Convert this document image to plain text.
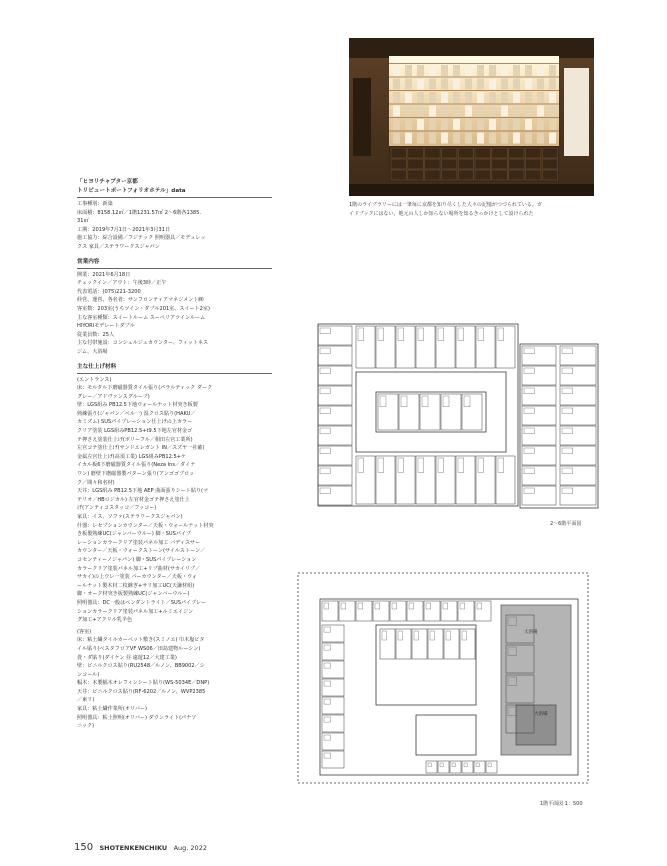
「ヒヨリチャプター京都
トリビュートポートフォリオホテル」data
工事種別：新築
床面積：8158.12㎡／1階1231.57㎡ 2〜6階各1385.
31㎡
工期：2019年7月1日〜2021年3月31日
施工協力：綜合設備／フジテック 照明器具／モデュレッ
クス 家具／ステラワークスジャパン
営業内容
開業：2021年6月18日
チェックイン／アウト：午後3時／正午
代表電話：(075)221-3200
経営、運営、各名者：サンフロンティアマネジメント㈱
客室数：203室(うちツイン・ダブル201室、スイート2室)
主な客室種類：スイートルーム スーペリアツインルーム
HIYORIモデレートダブル
従業員数：25人
主な付帯施設：コンシェルジュカウンター、フィットネス
ジム、大浴場
主な仕上げ材料
(エントランス)
床：モルタル下磨磁器質タイル張り(パラルティック ダーク
グレー／アドヴァンスグループ)
壁：LGS組み PB12.5下地ウォールナット材突き板製
熟練張り(ジャパン／ベル一) 湿クロス貼り(HAKU／
カミズム) SUSパイプレーション仕上げの上カラー
クリア塗装 LGS組みPB12.5+t9.5下地左官材金ゴ
テ押さえ塗装仕上げ(ボリーフル／相田左官工業所)
左官コテ塗仕上げ(サンドエレガント IN／スズヤ一社確)
金属左官仕上げ(高須工業) LGS組みPB12.5+ケ
イカル板6下磨磁器質タイル張り(Neza Ins／ダイナ
ワン) 磨壁下磨磁器製パターン張り(アンゴゴブロッ
ク／間々和名材)
天井：LGS組み PB12.5下地 AEP 曲面張りシート貼り(マ
テリオ／HBロジカル) 左官材金ゴテ押さえ塗仕上
げ(アンティコスタッコ／フッコー)
家具：イス、ソファ(ステラワークスジャパン)
什器：レセプションカウンター／天板・ウォールナット材突
き板製熟練UC(ジャンバーウルー) 脚・SUSパイプ
レーションカラークリア塗装パネル加工 バディスサー
カウンター／天板・ウォークストーン(サイルストーン／
コセンティーノジャパン) 脚・SUSパイプレーション
カラークリア塗装パネル加工+リブ曲材(サカイリブ／
サカイ)の上ウレ一塗装 バーカウンター／天板・ウォ
ールナット製木材二枚継ぎ+サリ加工UC(天謙材組)
脚・オーク材突き板製熟練UC(ジャンバーウルー)
照明器具：DC一般はペンダントライト／SUSパイプレー
ションカラークリア塗装パネル加工+ルミエイジン
グ加工+アクリル乳半色
(客室)
床：粘土繊タイルカーペット敷き(スミノエ) 巾木塩ビタ
イル貼り(ベスタフロアVF WS06／田島建物ルーシン)
畳・ダ貼り(ダイケン 昼 遠遊12／大建工業)
壁：ビニルクロス貼り(RU2548／ルノン、BB9002／シ
ンコール)
幅木：木製幅木オレフィンシート貼り(WS-5034E／DNP)
天井：ビニルクロス貼り(RF-6202／ルノン、WVP2385
／東リ)
家具：粘土繊作業所(オリバー)
照明器具：粘土照明(オリバー) ダウンライト(パナソ
ニック)
1階のライブラリーには一筆毎に京都を知り尽くした人々の記憶がつづられている。ガ
イドブックにはない、地元の人しか知らない場所を知るきっかけとして設けられた
2〜6階平面図
大浴場
大浴場
1階平面図 1：500
150 SHOTENKENCHIKU Aug. 2022
